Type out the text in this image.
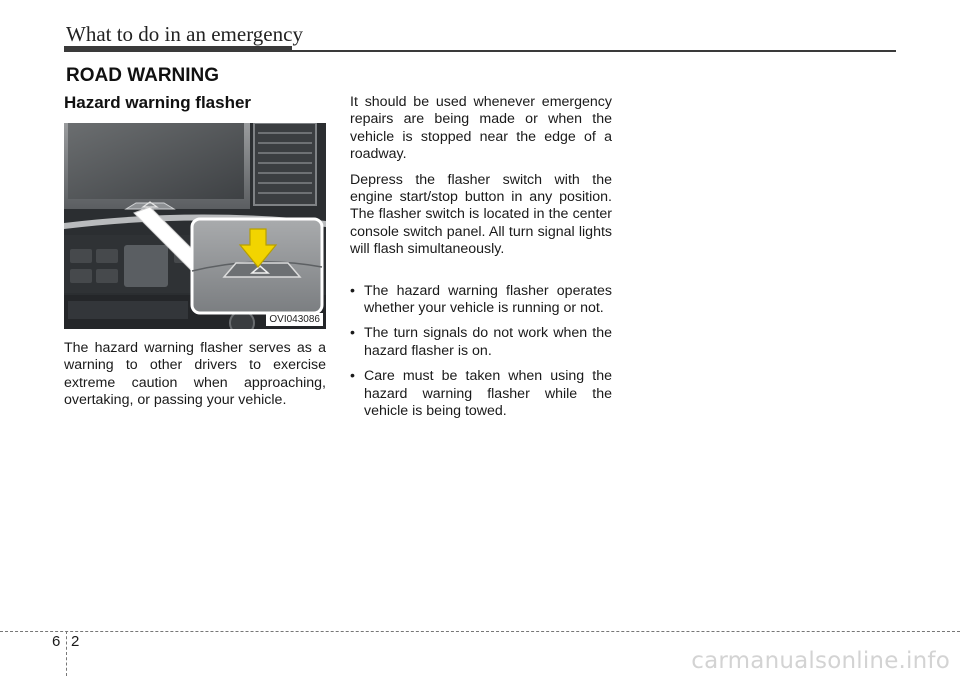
What to do in an emergency
ROAD WARNING
Hazard warning flasher
OVI043086

The hazard warning flasher serves as a warning to other drivers to exercise extreme caution when approaching, overtaking, or passing your vehicle.

It should be used whenever emergency repairs are being made or when the vehicle is stopped near the edge of a roadway.

Depress the flasher switch with the engine start/stop button in any position. The flasher switch is located in the center console switch panel. All turn signal lights will flash simultaneously.

• The hazard warning flasher operates whether your vehicle is running or not.
• The turn signals do not work when the hazard flasher is on.
• Care must be taken when using the hazard warning flasher while the vehicle is being towed.
6 2
carmanualsonline.info
